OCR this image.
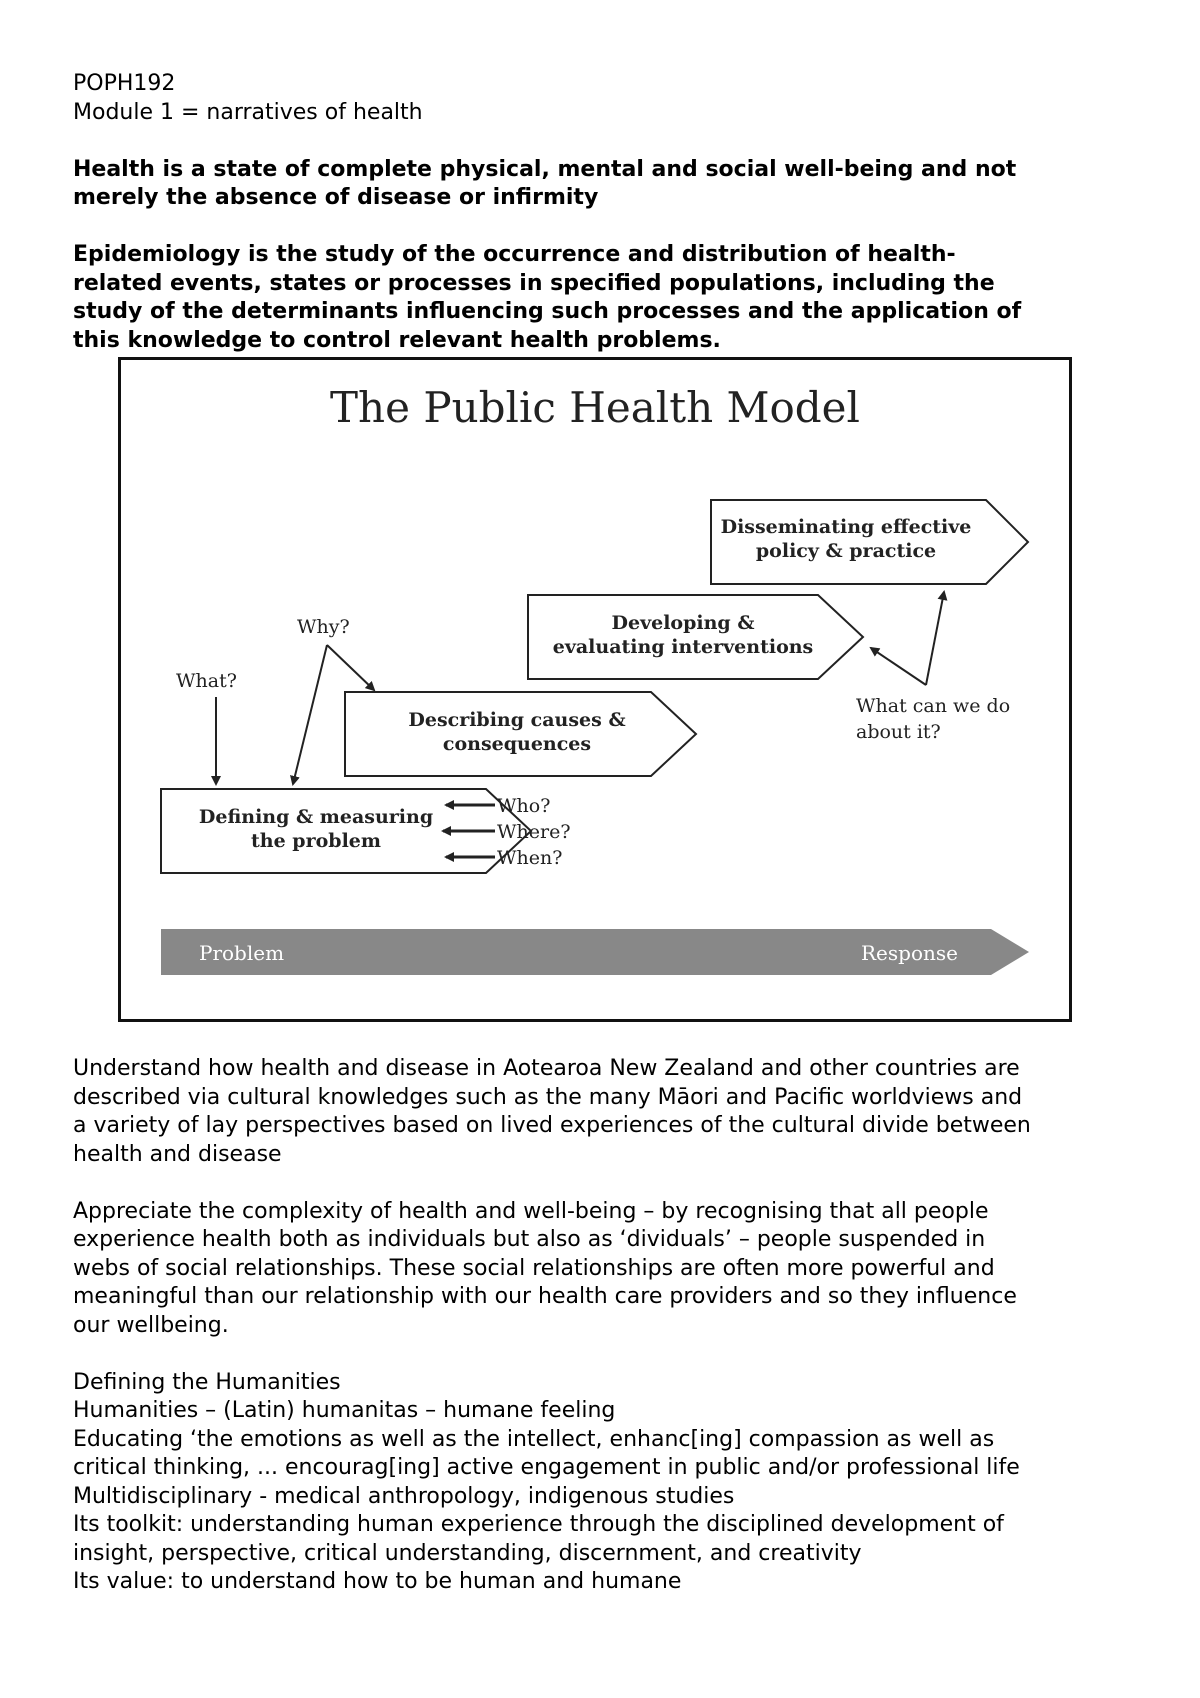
POPH192
Module 1 = narratives of health
Health is a state of complete physical, mental and social well-being and not
merely the absence of disease or infirmity
Epidemiology is the study of the occurrence and distribution of health-
related events, states or processes in specified populations, including the
study of the determinants influencing such processes and the application of
this knowledge to control relevant health problems.
The Public Health Model
Disseminating effective
policy & practice
Developing &
evaluating interventions
Describing causes &
consequences
Defining & measuring
the problem
What?
Why?
Who?
Where?
When?
What can we do
about it?
Problem	Response
Understand how health and disease in Aotearoa New Zealand and other countries are
described via cultural knowledges such as the many Māori and Pacific worldviews and
a variety of lay perspectives based on lived experiences of the cultural divide between
health and disease
Appreciate the complexity of health and well-being – by recognising that all people
experience health both as individuals but also as ‘dividuals’ – people suspended in
webs of social relationships. These social relationships are often more powerful and
meaningful than our relationship with our health care providers and so they influence
our wellbeing.
Defining the Humanities
Humanities – (Latin) humanitas – humane feeling
Educating ‘the emotions as well as the intellect, enhanc[ing] compassion as well as
critical thinking, ... encourag[ing] active engagement in public and/or professional life
Multidisciplinary - medical anthropology, indigenous studies
Its toolkit: understanding human experience through the disciplined development of
insight, perspective, critical understanding, discernment, and creativity
Its value: to understand how to be human and humane
